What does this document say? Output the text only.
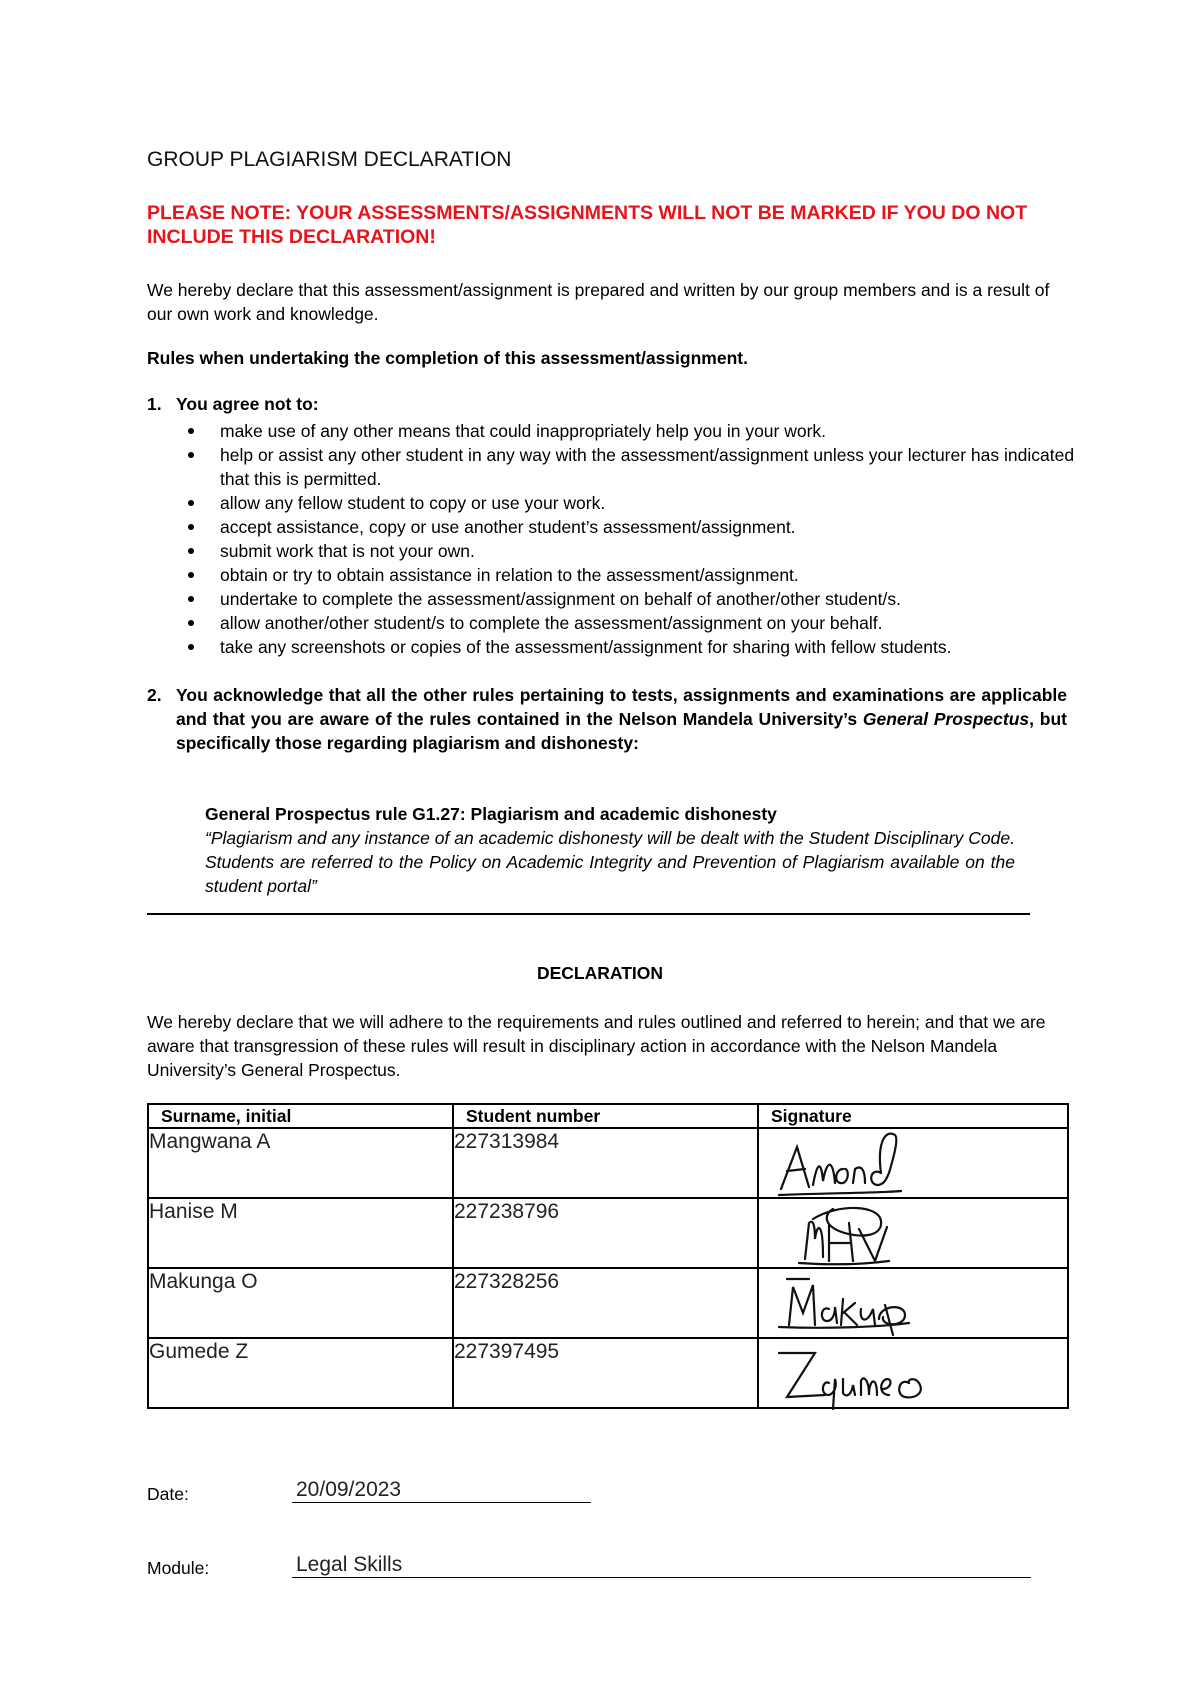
GROUP PLAGIARISM DECLARATION
PLEASE NOTE: YOUR ASSESSMENTS/ASSIGNMENTS WILL NOT BE MARKED IF YOU DO NOT INCLUDE THIS DECLARATION!
We hereby declare that this assessment/assignment is prepared and written by our group members and is a result of our own work and knowledge.
Rules when undertaking the completion of this assessment/assignment.
1. You agree not to:
make use of any other means that could inappropriately help you in your work.
help or assist any other student in any way with the assessment/assignment unless your lecturer has indicated that this is permitted.
allow any fellow student to copy or use your work.
accept assistance, copy or use another student’s assessment/assignment.
submit work that is not your own.
obtain or try to obtain assistance in relation to the assessment/assignment.
undertake to complete the assessment/assignment on behalf of another/other student/s.
allow another/other student/s to complete the assessment/assignment on your behalf.
take any screenshots or copies of the assessment/assignment for sharing with fellow students.
2. You acknowledge that all the other rules pertaining to tests, assignments and examinations are applicable and that you are aware of the rules contained in the Nelson Mandela University’s General Prospectus, but specifically those regarding plagiarism and dishonesty:
General Prospectus rule G1.27: Plagiarism and academic dishonesty
“Plagiarism and any instance of an academic dishonesty will be dealt with the Student Disciplinary Code. Students are referred to the Policy on Academic Integrity and Prevention of Plagiarism available on the student portal”
DECLARATION
We hereby declare that we will adhere to the requirements and rules outlined and referred to herein; and that we are aware that transgression of these rules will result in disciplinary action in accordance with the Nelson Mandela University’s General Prospectus.
Surname, initial	Student number	Signature
Mangwana A	227313984	

Hanise M	227238796	

Makunga O	227328256	

Gumede Z	227397495	
Date:	20/09/2023
Module:	Legal Skills
